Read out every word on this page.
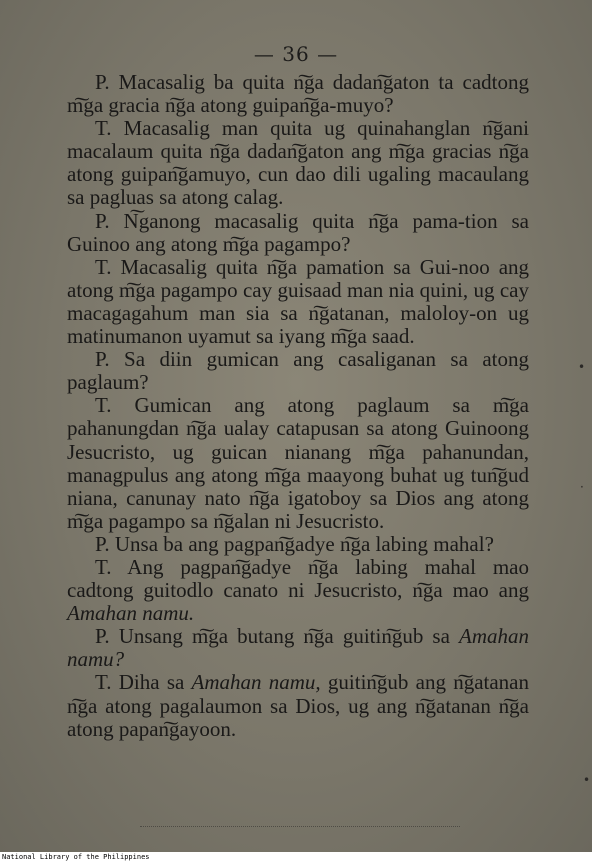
— 36 —

P. Macasalig ba quita n͠ga dadan͠gaton ta cadtong m͠ga gracia n͠ga atong guipan͠ga-muyo?

T. Macasalig man quita ug quinahanglan n͠gani macalaum quita n͠ga dadan͠gaton ang m͠ga gracias n͠ga atong guipan͠gamuyo, cun dao dili ugaling macaulang sa pagluas sa atong calag.

P. N͠ganong macasalig quita n͠ga pama-tion sa Guinoo ang atong m͠ga pagampo?

T. Macasalig quita n͠ga pamation sa Gui-noo ang atong m͠ga pagampo cay guisaad man nia quini, ug cay macagagahum man sia sa n͠gatanan, maloloy-on ug matinumanon uyamut sa iyang m͠ga saad.

P. Sa diin gumican ang casaliganan sa atong paglaum?

T. Gumican ang atong paglaum sa m͠ga pahanungdan n͠ga ualay catapusan sa atong Guinoong Jesucristo, ug guican nianang m͠ga pahanundan, managpulus ang atong m͠ga maayong buhat ug tun͠gud niana, canunay nato n͠ga igatoboy sa Dios ang atong m͠ga pagampo sa n͠galan ni Jesucristo.

P. Unsa ba ang pagpan͠gadye n͠ga labing mahal?

T. Ang pagpan͠gadye n͠ga labing mahal mao cadtong guitodlo canato ni Jesucristo, n͠ga mao ang Amahan namu.

P. Unsang m͠ga butang n͠ga guitin͠gub sa Amahan namu?

T. Diha sa Amahan namu, guitin͠gub ang n͠gatanan n͠ga atong pagalaumon sa Dios, ug ang n͠gatanan n͠ga atong papan͠gayoon.

•
·
•
National Library of the Philippines
